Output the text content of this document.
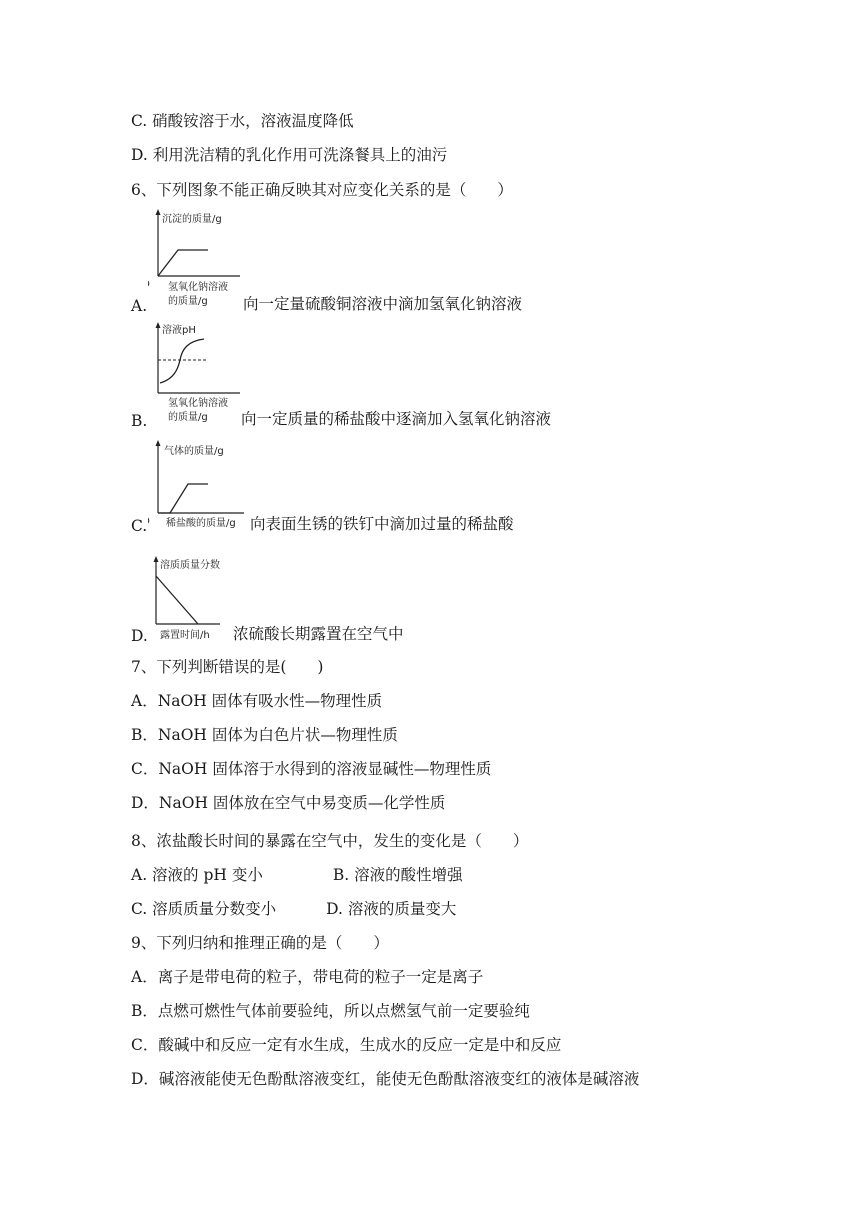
C. 硝酸铵溶于水，溶液温度降低
D. 利用洗洁精的乳化作用可洗涤餐具上的油污
6、下列图象不能正确反映其对应变化关系的是（　　）
沉淀的质量/g
氢氧化钠溶液
的质量/g
A.	向一定量硫酸铜溶液中滴加氢氧化钠溶液
溶液pH
氢氧化钠溶液
的质量/g
B.	向一定质量的稀盐酸中逐滴加入氢氧化钠溶液
气体的质量/g
稀盐酸的质量/g
C.	向表面生锈的铁钉中滴加过量的稀盐酸
溶质质量分数
露置时间/h
D.	浓硫酸长期露置在空气中
7、下列判断错误的是(　　)
A．NaOH 固体有吸水性—物理性质
B．NaOH 固体为白色片状—物理性质
C．NaOH 固体溶于水得到的溶液显碱性—物理性质
D．NaOH 固体放在空气中易变质—化学性质
8、浓盐酸长时间的暴露在空气中，发生的变化是（　　）
A. 溶液的 pH 变小	B. 溶液的酸性增强
C. 溶质质量分数变小	D. 溶液的质量变大
9、下列归纳和推理正确的是（　　）
A．离子是带电荷的粒子，带电荷的粒子一定是离子
B．点燃可燃性气体前要验纯，所以点燃氢气前一定要验纯
C．酸碱中和反应一定有水生成，生成水的反应一定是中和反应
D．碱溶液能使无色酚酞溶液变红，能使无色酚酞溶液变红的液体是碱溶液
